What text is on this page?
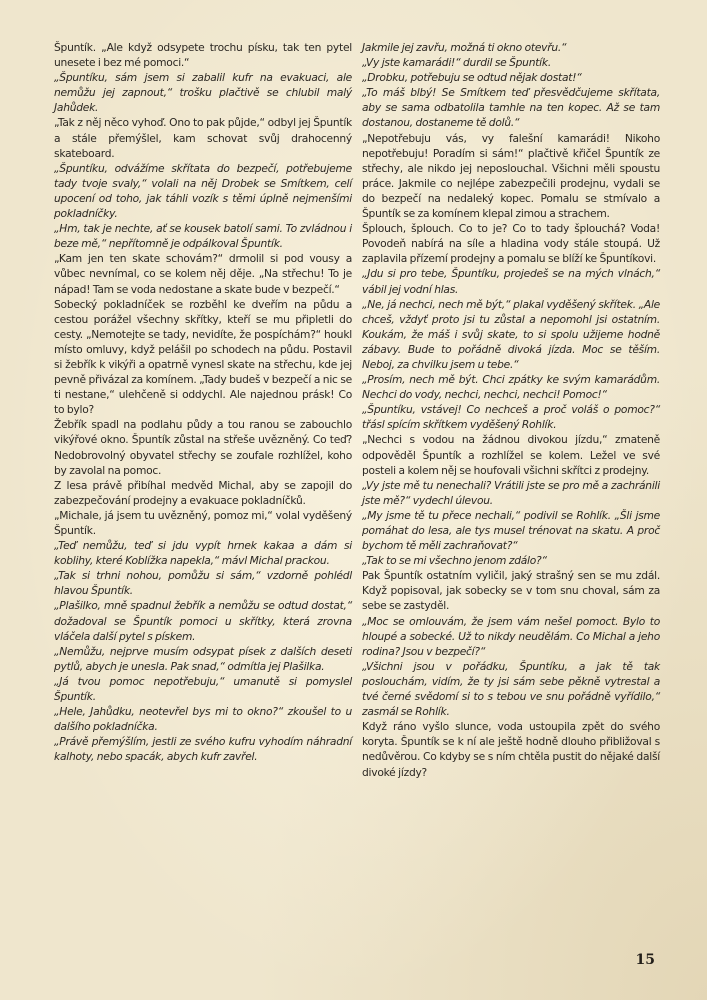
Špuntík. „Ale když odsypete trochu písku, tak ten pytel unesete i bez mé pomoci.“

„Špuntíku, sám jsem si zabalil kufr na evakuaci, ale nemůžu jej zapnout,“ trošku plačtivě se chlubil malý Jahůdek.

„Tak z něj něco vyhoď. Ono to pak půjde,“ odbyl jej Špuntík a stále přemýšlel, kam schovat svůj drahocenný skateboard.

„Špuntíku, odvážíme skřítata do bezpečí, potřebujeme tady tvoje svaly,“ volali na něj Drobek se Smítkem, celí upocení od toho, jak táhli vozík s těmi úplně nejmenšími pokladníčky.

„Hm, tak je nechte, ať se kousek batolí sami. To zvládnou i beze mě,“ nepřítomně je odpálkoval Špuntík.

„Kam jen ten skate schovám?“ drmolil si pod vousy a vůbec nevnímal, co se kolem něj děje. „Na střechu! To je nápad! Tam se voda nedostane a skate bude v bezpečí.“

Sobecký pokladníček se rozběhl ke dveřím na půdu a cestou porážel všechny skřítky, kteří se mu připletli do cesty. „Nemotejte se tady, nevidíte, že pospíchám?“ houkl místo omluvy, když pelášil po schodech na půdu. Postavil si žebřík k vikýři a opatrně vynesl skate na střechu, kde jej pevně přivázal za komínem. „Tady budeš v bezpečí a nic se ti nestane,“ ulehčeně si oddychl. Ale najednou prásk! Co to bylo?

Žebřík spadl na podlahu půdy a tou ranou se zabouchlo vikýřové okno. Špuntík zůstal na střeše uvězněný. Co teď? Nedobrovolný obyvatel střechy se zoufale rozhlížel, koho by zavolal na pomoc.

Z lesa právě přibíhal medvěd Michal, aby se zapojil do zabezpečování prodejny a evakuace pokladníčků.

„Michale, já jsem tu uvězněný, pomoz mi,“ volal vyděšený Špuntík.

„Teď nemůžu, teď si jdu vypít hrnek kakaa a dám si koblihy, které Koblížka napekla,“ mávl Michal prackou.

„Tak si trhni nohou, pomůžu si sám,“ vzdorně pohlédl hlavou Špuntík.

„Plašilko, mně spadnul žebřík a nemůžu se odtud dostat,“ dožadoval se Špuntík pomoci u skřítky, která zrovna vláčela další pytel s pískem.

„Nemůžu, nejprve musím odsypat písek z dalších deseti pytlů, abych je unesla. Pak snad,“ odmítla jej Plašilka.

„Já tvou pomoc nepotřebuju,“ umanutě si pomyslel Špuntík.

„Hele, Jahůdku, neotevřel bys mi to okno?“ zkoušel to u dalšího pokladníčka.

„Právě přemýšlím, jestli ze svého kufru vyhodím náhradní kalhoty, nebo spacák, abych kufr zavřel.

Jakmile jej zavřu, možná ti okno otevřu.“

„Vy jste kamarádi!“ durdil se Špuntík.

„Drobku, potřebuju se odtud nějak dostat!“

„To máš blbý! Se Smítkem teď přesvědčujeme skřítata, aby se sama odbatolila tamhle na ten kopec. Až se tam dostanou, dostaneme tě dolů.“

„Nepotřebuju vás, vy falešní kamarádi! Nikoho nepotřebuju! Poradím si sám!“ plačtivě křičel Špuntík ze střechy, ale nikdo jej neposlouchal. Všichni měli spoustu práce. Jakmile co nejlépe zabezpečili prodejnu, vydali se do bezpečí na nedaleký kopec. Pomalu se stmívalo a Špuntík se za komínem klepal zimou a strachem.

Šplouch, šplouch. Co to je? Co to tady šplouchá? Voda! Povodeň nabírá na síle a hladina vody stále stoupá. Už zaplavila přízemí prodejny a pomalu se blíží ke Špuntíkovi.

„Jdu si pro tebe, Špuntíku, projedeš se na mých vlnách,“ vábil jej vodní hlas.

„Ne, já nechci, nech mě být,“ plakal vyděšený skřítek. „Ale chceš, vždyť proto jsi tu zůstal a nepomohl jsi ostatním. Koukám, že máš i svůj skate, to si spolu užijeme hodně zábavy. Bude to pořádně divoká jízda. Moc se těším. Neboj, za chvilku jsem u tebe.“

„Prosím, nech mě být. Chci zpátky ke svým kamarádům. Nechci do vody, nechci, nechci, nechci! Pomoc!“

„Špuntíku, vstávej! Co nechceš a proč voláš o pomoc?“ třásl spícím skřítkem vyděšený Rohlík.

„Nechci s vodou na žádnou divokou jízdu,“ zmateně odpověděl Špuntík a rozhlížel se kolem. Ležel ve své posteli a kolem něj se houfovali všichni skřítci z prodejny.

„Vy jste mě tu nenechali? Vrátili jste se pro mě a zachránili jste mě?“ vydechl úlevou.

„My jsme tě tu přece nechali,“ podivil se Rohlík. „Šli jsme pomáhat do lesa, ale tys musel trénovat na skatu. A proč bychom tě měli zachraňovat?“

„Tak to se mi všechno jenom zdálo?“

Pak Špuntík ostatním vyličil, jaký strašný sen se mu zdál. Když popisoval, jak sobecky se v tom snu choval, sám za sebe se zastyděl.

„Moc se omlouvám, že jsem vám nešel pomoct. Bylo to hloupé a sobecké. Už to nikdy neudělám. Co Michal a jeho rodina? Jsou v bezpečí?“

„Všichni jsou v pořádku, Špuntíku, a jak tě tak poslouchám, vidím, že ty jsi sám sebe pěkně vytrestal a tvé černé svědomí si to s tebou ve snu pořádně vyřídilo,“ zasmál se Rohlík.

Když ráno vyšlo slunce, voda ustoupila zpět do svého koryta. Špuntík se k ní ale ještě hodně dlouho přibližoval s nedůvěrou. Co kdyby se s ním chtěla pustit do nějaké další divoké jízdy?

15
